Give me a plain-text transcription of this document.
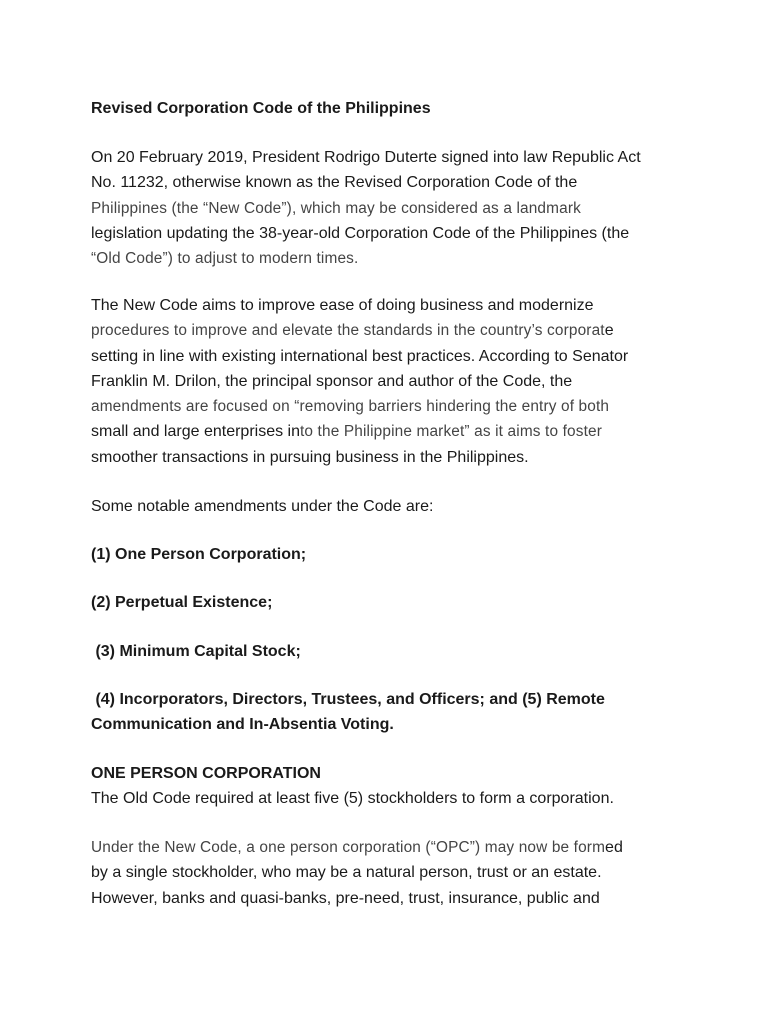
Revised Corporation Code of the Philippines

On 20 February 2019, President Rodrigo Duterte signed into law Republic Act
No. 11232, otherwise known as the Revised Corporation Code of the
Philippines (the “New Code”), which may be considered as a landmark
legislation updating the 38-year-old Corporation Code of the Philippines (the
“Old Code”) to adjust to modern times.
The New Code aims to improve ease of doing business and modernize
procedures to improve and elevate the standards in the country’s corporate
setting in line with existing international best practices. According to Senator
Franklin M. Drilon, the principal sponsor and author of the Code, the
amendments are focused on “removing barriers hindering the entry of both
small and large enterprises into the Philippine market” as it aims to foster
smoother transactions in pursuing business in the Philippines.

Some notable amendments under the Code are:

(1) One Person Corporation;

(2) Perpetual Existence;

(3) Minimum Capital Stock;

(4) Incorporators, Directors, Trustees, and Officers; and (5) Remote
Communication and In-Absentia Voting.

ONE PERSON CORPORATION

The Old Code required at least five (5) stockholders to form a corporation.

Under the New Code, a one person corporation (“OPC”) may now be formed
by a single stockholder, who may be a natural person, trust or an estate.
However, banks and quasi-banks, pre-need, trust, insurance, public and
